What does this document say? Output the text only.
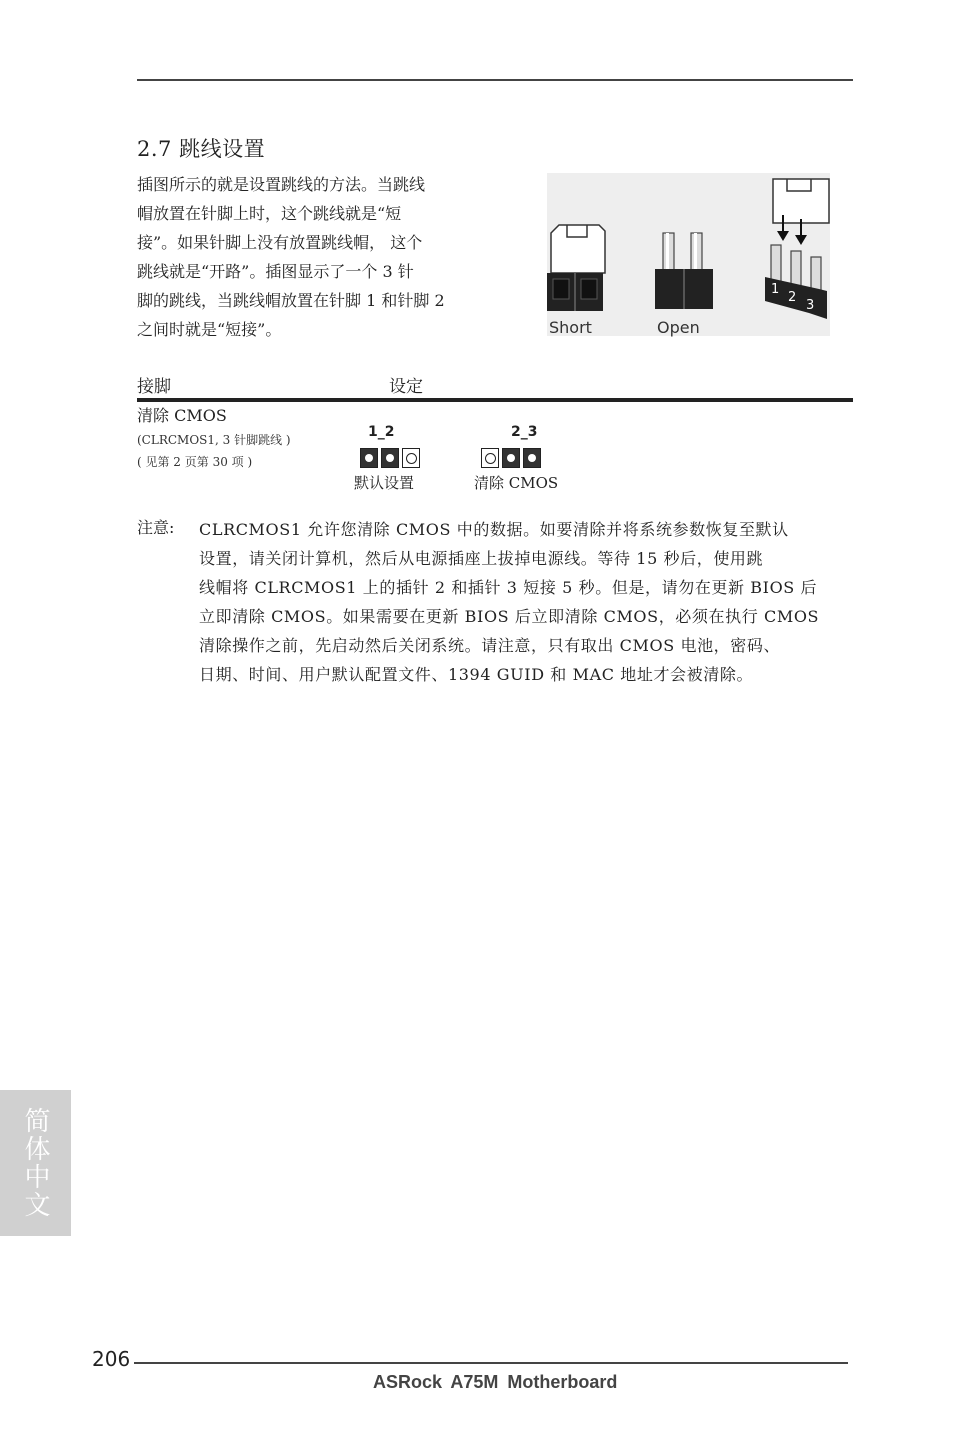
2.7 跳线设置
插图所示的就是设置跳线的方法。当跳线
帽放置在针脚上时，这个跳线就是“短
接”。如果针脚上没有放置跳线帽， 这个
跳线就是“开路”。插图显示了一个 3 针
脚的跳线，当跳线帽放置在针脚 1 和针脚 2
之间时就是“短接”。
1
2
3
Short	Open
接脚	设定
清除 CMOS
(CLRCMOS1, 3 针脚跳线 )
( 见第 2 页第 30 项 )
1_2
默认设置
2_3
清除 CMOS
注意: CLRCMOS1 允许您清除 CMOS 中的数据。如要清除并将系统参数恢复至默认
设置，请关闭计算机，然后从电源插座上拔掉电源线。等待 15 秒后，使用跳
线帽将 CLRCMOS1 上的插针 2 和插针 3 短接 5 秒。但是，请勿在更新 BIOS 后
立即清除 CMOS。如果需要在更新 BIOS 后立即清除 CMOS，必须在执行 CMOS
清除操作之前，先启动然后关闭系统。请注意，只有取出 CMOS 电池，密码、
日期、时间、用户默认配置文件、1394 GUID 和 MAC 地址才会被清除。
简体中文
206
ASRock A75M Motherboard
